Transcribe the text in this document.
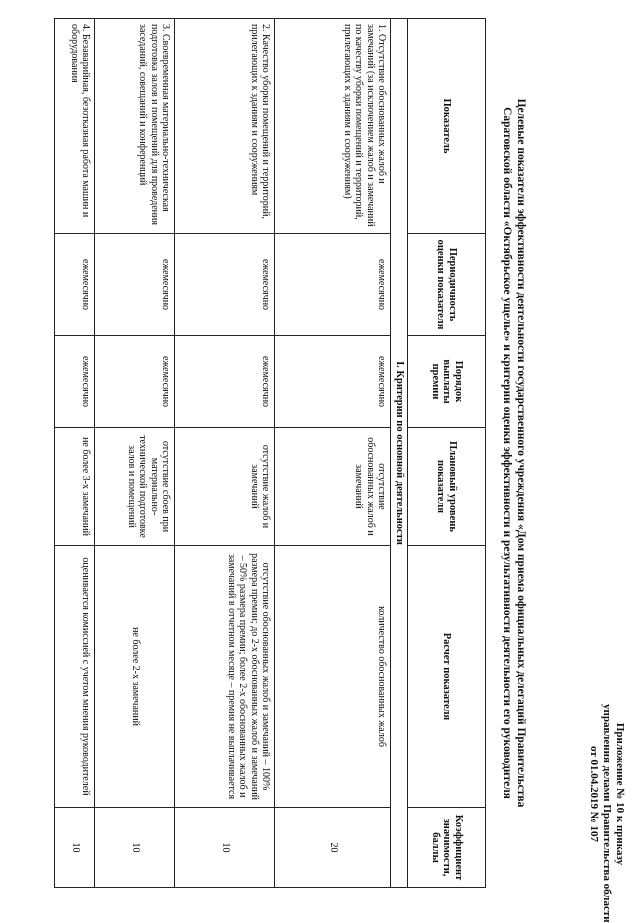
Приложение № 10 к приказу
управления делами Правительства области
от 01.04.2019 № 107
Целевые показатели эффективности деятельности государственного учреждения «Дом приема официальных делегаций Правительства
Саратовской области «Октябрьское ущелье» и критерии оценки эффективности и результативности деятельности его руководителя
Показатель	Периодичность оценки показателя	Порядок выплаты премии	Плановый уровень показателя	Расчет показателя	Коэффициент значимости, баллы
I. Критерии по основной деятельности					
1. Отсутствие обоснованных жалоб и замечаний (за исключением жалоб и замечаний по качеству уборки помещений и территорий, прилегающих к зданиям и сооружениям)	ежемесячно	ежемесячно	отсутствие обоснованных жалоб и замечаний	количество обоснованных жалоб	20
2. Качество уборки помещений и территорий, прилегающих к зданиям и сооружениям	ежемесячно	ежемесячно	отсутствие жалоб и замечаний	отсутствие обоснованных жалоб и замечаний – 100% размера премии; до 2-х обоснованных жалоб и замечаний – 50% размера премии; более 2-х обоснованных жалоб и замечаний в отчетном месяце – премия не выплачивается	10
3. Своевременная материально-техническая подготовка залов и помещений для проведения заседаний, совещаний и конференций	ежемесячно	ежемесячно	отсутствие сбоев при материально-технической подготовке залов и помещений	не более 2-х замечаний	10
4. Безаварийная, безотказная работа машин и оборудования	ежемесячно	ежемесячно	не более 3-х замечаний	оценивается комиссией с учетом мнения руководителей	10
